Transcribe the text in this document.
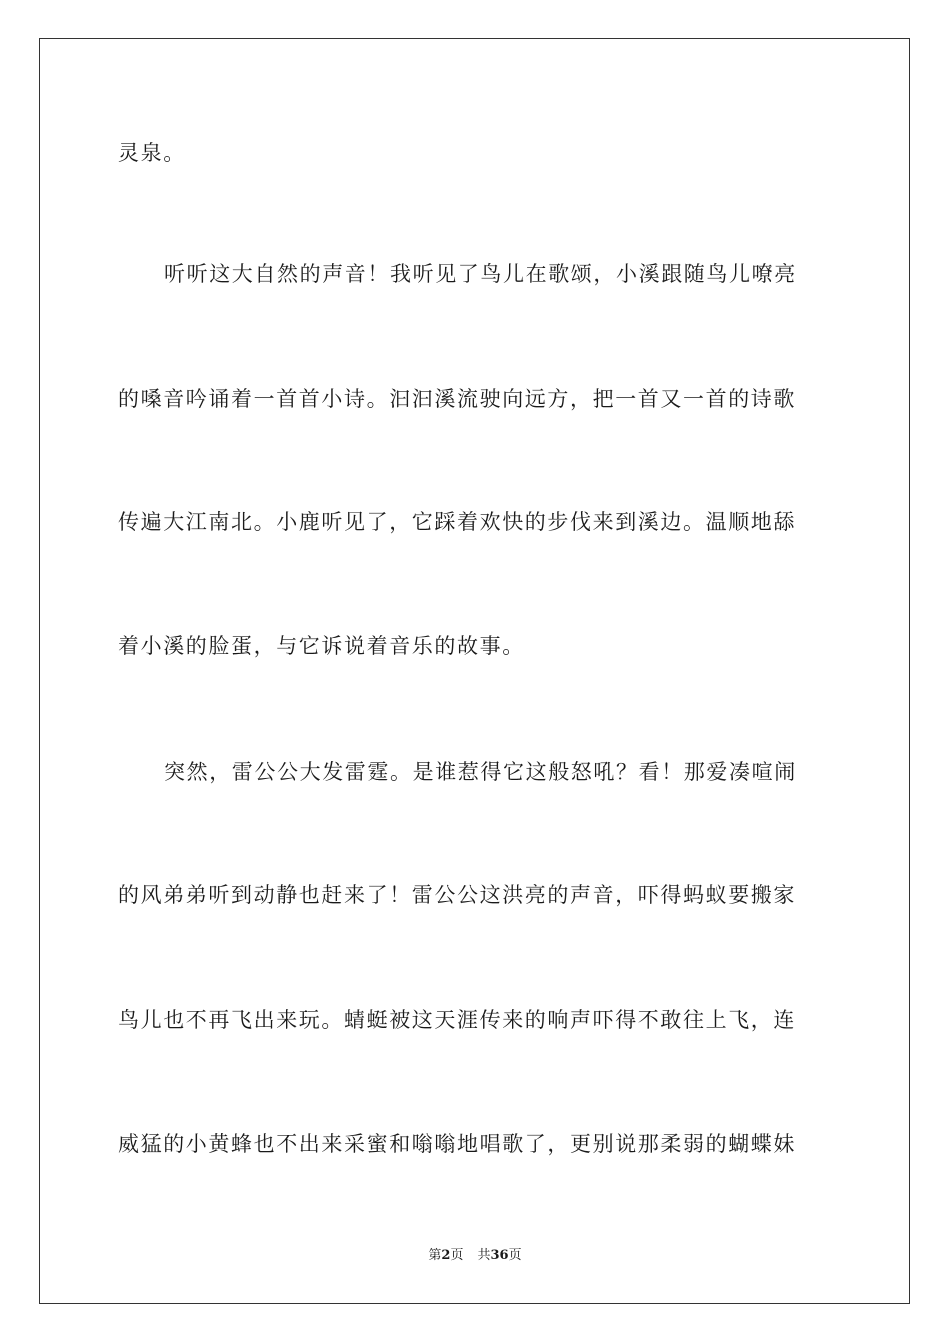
灵泉。
听听这大自然的声音！我听见了鸟儿在歌颂，小溪跟随鸟儿嘹亮
的嗓音吟诵着一首首小诗。汩汩溪流驶向远方，把一首又一首的诗歌
传遍大江南北。小鹿听见了，它踩着欢快的步伐来到溪边。温顺地舔
着小溪的脸蛋，与它诉说着音乐的故事。
突然，雷公公大发雷霆。是谁惹得它这般怒吼？看！那爱凑喧闹
的风弟弟听到动静也赶来了！雷公公这洪亮的声音，吓得蚂蚁要搬家
鸟儿也不再飞出来玩。蜻蜓被这天涯传来的响声吓得不敢往上飞，连
威猛的小黄蜂也不出来采蜜和嗡嗡地唱歌了，更别说那柔弱的蝴蝶妹
第2页 共36页
